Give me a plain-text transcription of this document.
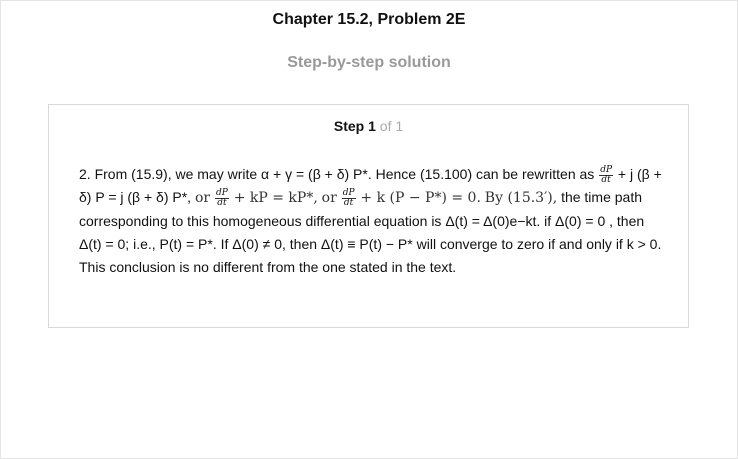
Chapter 15.2, Problem 2E
Step-by-step solution
Step 1 of 1
2. From (15.9), we may write α + γ = (β + δ) P*. Hence (15.100) can be rewritten as $\frac{dP}{dt} + j$ (β + δ) P = j (β + δ) P*, or $\frac{dP}{dt}$ + kP = kP*, or $\frac{dP}{dt} + k$ (P − P*) = 0. By (15.3′), the time path corresponding to this homogeneous differential equation is Δ(t) = Δ(0)e−kt. if Δ(0) = 0 , then Δ(t) = 0; i.e., P(t) = P*. If Δ(0) ≠ 0, then Δ(t) ≡ P(t) − P* will converge to zero if and only if k > 0. This conclusion is no different from the one stated in the text.
